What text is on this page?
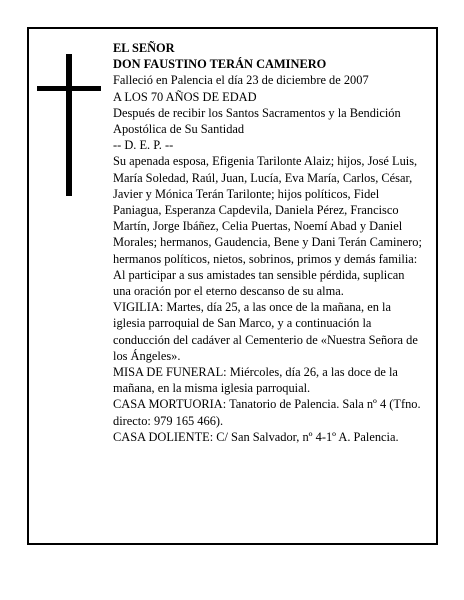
EL SEÑOR

DON FAUSTINO TERÁN CAMINERO

Falleció en Palencia el día 23 de diciembre de 2007

A LOS 70 AÑOS DE EDAD

Después de recibir los Santos Sacramentos y la Bendición Apostólica de Su Santidad

-- D. E. P. --

Su apenada esposa, Efigenia Tarilonte Alaiz; hijos, José Luis, María Soledad, Raúl, Juan, Lucía, Eva María, Carlos, César, Javier y Mónica Terán Tarilonte; hijos políticos, Fidel Paniagua, Esperanza Capdevila, Daniela Pérez, Francisco Martín, Jorge Ibáñez, Celia Puertas, Noemí Abad y Daniel Morales; hermanos, Gaudencia, Bene y Dani Terán Caminero; hermanos políticos, nietos, sobrinos, primos y demás familia:

Al participar a sus amistades tan sensible pérdida, suplican una oración por el eterno descanso de su alma.

VIGILIA: Martes, día 25, a las once de la mañana, en la iglesia parroquial de San Marco, y a continuación la conducción del cadáver al Cementerio de «Nuestra Señora de los Ángeles».

MISA DE FUNERAL: Miércoles, día 26, a las doce de la mañana, en la misma iglesia parroquial.

CASA MORTUORIA: Tanatorio de Palencia. Sala nº 4 (Tfno. directo: 979 165 466).

CASA DOLIENTE: C/ San Salvador, nº 4-1º A. Palencia.
